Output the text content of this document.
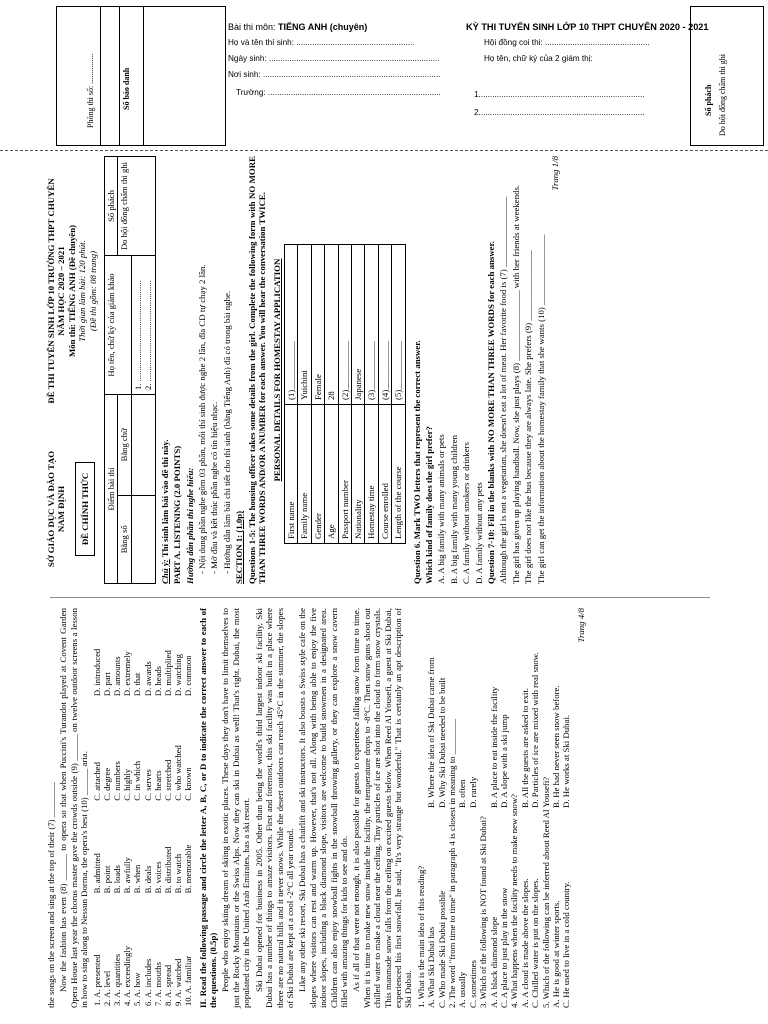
Phòng thi số: ...............	Số báo danh	Số phách Do hội đồng chấm thi ghi
Bài thi môn: TIẾNG ANH (chuyên)	KỲ THI TUYỂN SINH LỚP 10 THPT CHUYÊN 2020 - 2021
Họ và tên thí sinh: ....................................................
Ngày sinh: ...........................................................................
Nơi sinh: ..............................................................................
Trường: ............................................................................
Hội đồng coi thi: ..............................................
Họ tên, chữ ký của 2 giám thị:
1.........................................................................
2.........................................................................

the songs on the screen and sing at the top of their (7) ________ Now the fashion has even (8) ______ to opera so that when Puccini's Turandot played at Covent Garden Opera House last year the chorus master gave the crowds outside (9) ______ on twelve outdoor screens a lesson in how to sing along to Nessun Dorma, the opera's best (10) ______ aria. 1. A. presented	B. admitted	C. attached	D. introduced
2. A. level	B. point	C. degree	D. part
3. A. quantities	B. loads	C. numbers	D. amounts
4. A. exceedingly	B. awfully	C. highly	D. extremely
5. A. how	B. when	C. in which	D. that
6. A. includes	B. deals	C. serves	D. awards
7. A. mouths	B. voices	C. hearts	D. heads
8. A. spread	B. distributed	C. stretched	D. multiplied
9. A. watched	B. to watch	C. who watched	D. watching
10. A. familiar	B. memorable	C. known	D. common II. Read the following passage and circle the letter A, B, C, or D to indicate the correct answer to each of the questions. (0.5p) People who enjoy skiing dream of skiing in exotic places. These days they don't have to limit themselves to just the Rocky Mountains or the Swiss Alps. Now they can ski in Dubai as well! That's right. Dubai, the most populated city in the United Arab Emirates, has a ski resort. Ski Dubai opened for business in 2005. Other than being the world's third largest indoor ski facility, Ski Dubai has a number of things to amaze visitors. First and foremost, this ski facility was built in a place where there are no natural hills and it never snows. While the desert outdoors can reach 45°C in the summer, the slopes of Ski Dubai are kept at a cool -2°C all year round. Like any other ski resort, Ski Dubai has a chairlift and ski instructors. It also boasts a Swiss style cafe on the slopes where visitors can rest and warm up. However, that's not all. Along with being able to enjoy the five indoor slopes, including a black diamond slope, visitors are welcome to build snowmen in a designated area. Children can also enjoy snowball fights in the snowball throwing gallery, or they can explore a snow cavern filled with amazing things for kids to see and do. As if all of that were not enough, it is also possible for guests to experience falling snow from time to time. When it is time to make new snow inside the facility, the temperature drops to -8°C. Then snow guns shoot out chilled water to make a cloud near the ceiling. Tiny particles of ice are shot into the cloud to form snow crystals. This manmade snow falls from the ceiling on excited guests below. When Reed Al Yousefi, a guest at Ski Dubai, experienced his first snowfall, he said, "It's very strange but wonderful." That is certainly an apt description of Ski Dubai. 1. What is the main idea of this reading? A. What Ski Dubai has
B. Where the idea of Ski Dubai came from
C. Who made Ski Dubai possible
D. Why Ski Dubai needed to be built 2. The word "from time to time" in paragraph 4 is closest in meaning to ________ A. usually
B. often
C. sometimes
D. rarely

3. Which of the following is NOT found at Ski Dubai? A. A black diamond slope
B. A place to eat inside the facility
C. A place to just play in the snow
D. A slope with a ski jump

4. What happens when the facility needs to make new snow? A. A cloud is made above the slopes.
B. All the guests are asked to exit.
C. Chilled water is put on the slopes.
D. Particles of ice are mixed with real snow.

5. Which of the following can be inferred about Reed Al Yousefi? A. He is good at winter sports.
B. He had never seen snow before.
C. He used to live in a cold country.
D. He works at Ski Dubai.
Trang 4/8
SỞ GIÁO DỤC VÀ ĐÀO TẠO NAM ĐỊNH	ĐỀ CHÍNH THỨC
ĐỀ THI TUYỂN SINH LỚP 10 TRƯỜNG THPT CHUYÊN NĂM HỌC 2020 – 2021 Môn thi: TIẾNG ANH (Đề chuyên) Thời gian làm bài: 120 phút. (Đề thi gồm: 08 trang)
Điểm bài thi		Họ tên, chữ ký của giám khảo	Số phách
Bằng số	Bằng chữ		Do hội đồng chấm thi ghi

		1. ............................................... 2. ...............................................	

Chú ý: Thí sinh làm bài vào đề thi này. PART A. LISTENING (2.0 POINTS) Hướng dẫn phần thi nghe hiểu: - Nội dung phần nghe gồm 03 phần, mỗi thí sinh được nghe 2 lần, đĩa CD tự chạy 2 lần.

- Mở đầu và kết thúc phần nghe có tín hiệu nhạc.

- Hướng dẫn làm bài chi tiết cho thí sinh (bằng Tiếng Anh) đã có trong bài nghe. SECTION 1: (1.0p) Questions 1-5: The housing officer takes some details from the girl. Complete the following form with NO MORE THAN THREE WORDS AND/OR A NUMBER for each answer. You will hear the conversation TWICE. PERSONAL DETAILS FOR HOMESTAY APPLICATION

First name	(1)___________
Family name	Yuichini
Gender	Female
Age	28
Passport number	(2)___________
Nationality	Japanese
Homestay time	(3)___________
Course enrolled	(4)___________
Length of the course	(5)___________ Question 6. Mark TWO letters that represent the correct answer. Which kind of family does the girl prefer? A. A big family with many animals or pets B. A big family with many young children C. A family without smokers or drinkers D. A family without any pets Question 7-10: Fill in the blanks with NO MORE THAN THREE WORDS for each answer. Although the girl is not a vegetarian, she doesn't eat a lot of meat. Her favorite food is (7) ________________ The girl has given up playing handball. Now, she just plays (8) ________________ with her friends at weekends. The girl does not like the bus because they are always late. She prefers (9) ________________ The girl can get the information about the homestay family that she wants (10) ________________

Trang 1/8
